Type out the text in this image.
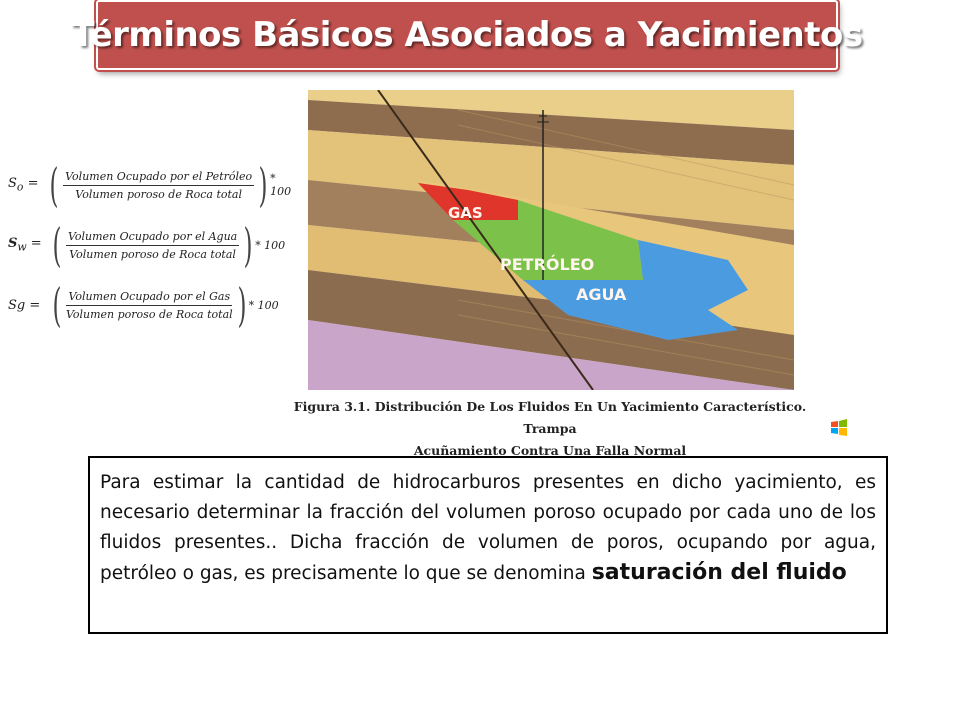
Términos Básicos Asociados a Yacimientos
$S_o$ = ( $\frac{\text{Volumen Ocupado por el Petróleo}}{\text{Volumen poroso de Roca total}}$ ) * 100
$S_w$ = ( $\frac{\text{Volumen Ocupado por el Agua}}{\text{Volumen poroso de Roca total}}$ ) * 100
Sg = ( $\frac{\text{Volumen Ocupado por el Gas}}{\text{Volumen poroso de Roca total}}$ ) * 100
GAS
PETRÓLEO
AGUA
Figura 3.1. Distribución De Los Fluidos En Un Yacimiento Característico. Trampa
Acuñamiento Contra Una Falla Normal
Para estimar la cantidad de hidrocarburos presentes en dicho yacimiento, es necesario determinar la fracción del volumen poroso ocupado por cada uno de los fluidos presentes.. Dicha fracción de volumen de poros, ocupando por agua, petróleo o gas, es precisamente lo que se denomina saturación del fluido
